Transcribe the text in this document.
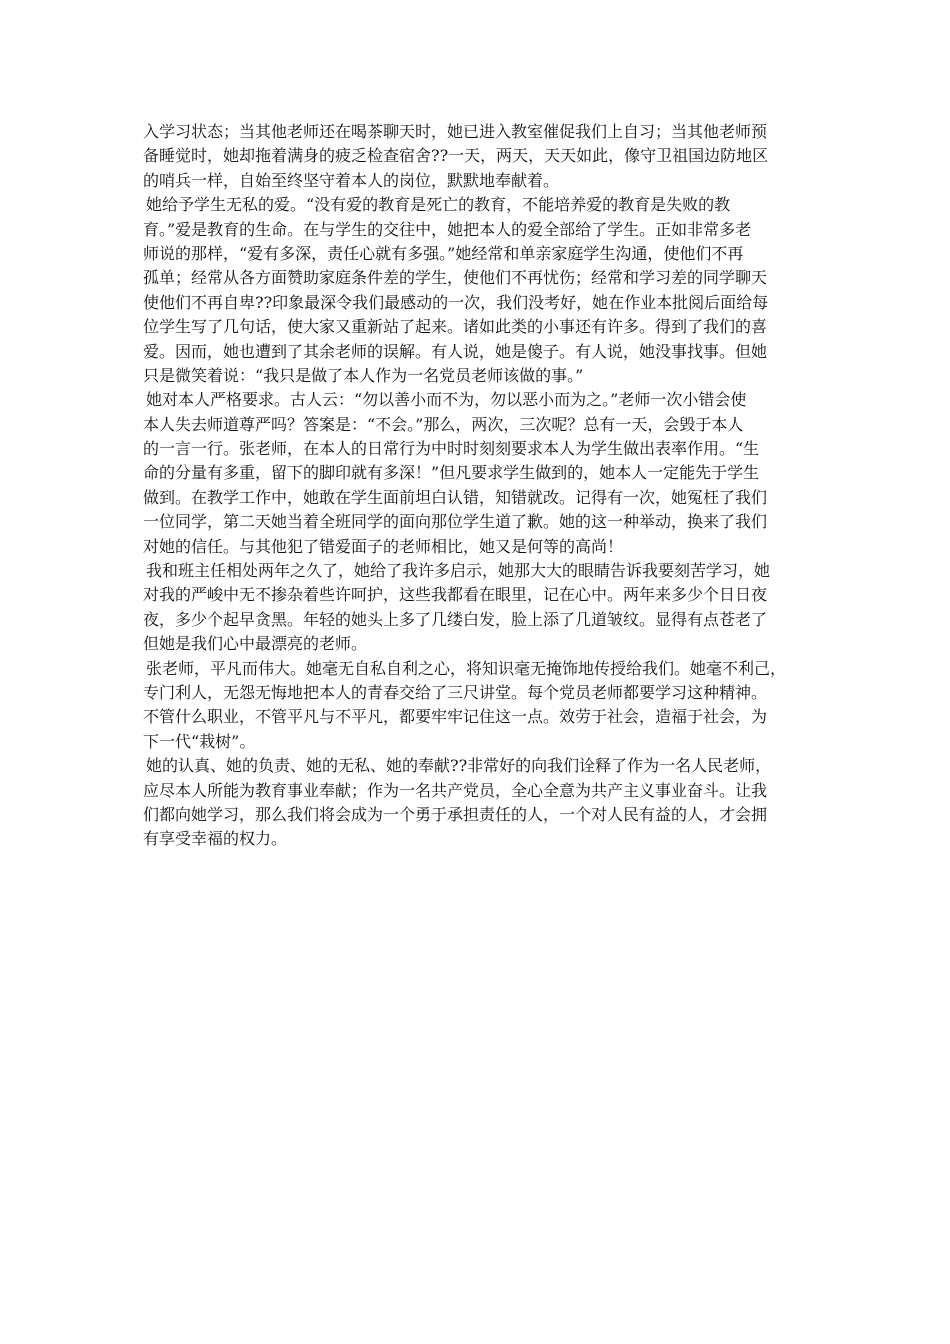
入学习状态；当其他老师还在喝茶聊天时，她已进入教室催促我们上自习；当其他老师预
备睡觉时，她却拖着满身的疲乏检查宿舍??一天，两天，天天如此，像守卫祖国边防地区
的哨兵一样，自始至终坚守着本人的岗位，默默地奉献着。
她给予学生无私的爱。“没有爱的教育是死亡的教育，不能培养爱的教育是失败的教
育。”爱是教育的生命。在与学生的交往中，她把本人的爱全部给了学生。正如非常多老
师说的那样，“爱有多深，责任心就有多强。”她经常和单亲家庭学生沟通，使他们不再
孤单；经常从各方面赞助家庭条件差的学生，使他们不再忧伤；经常和学习差的同学聊天
使他们不再自卑??印象最深令我们最感动的一次，我们没考好，她在作业本批阅后面给每
位学生写了几句话，使大家又重新站了起来。诸如此类的小事还有许多。得到了我们的喜
爱。因而，她也遭到了其余老师的误解。有人说，她是傻子。有人说，她没事找事。但她
只是微笑着说：“我只是做了本人作为一名党员老师该做的事。”
她对本人严格要求。古人云：“勿以善小而不为，勿以恶小而为之。”老师一次小错会使
本人失去师道尊严吗？答案是：“不会。”那么，两次，三次呢？总有一天，会毁于本人
的一言一行。张老师，在本人的日常行为中时时刻刻要求本人为学生做出表率作用。“生
命的分量有多重，留下的脚印就有多深！”但凡要求学生做到的，她本人一定能先于学生
做到。在教学工作中，她敢在学生面前坦白认错，知错就改。记得有一次，她冤枉了我们
一位同学，第二天她当着全班同学的面向那位学生道了歉。她的这一种举动，换来了我们
对她的信任。与其他犯了错爱面子的老师相比，她又是何等的高尚！
我和班主任相处两年之久了，她给了我许多启示，她那大大的眼睛告诉我要刻苦学习，她
对我的严峻中无不掺杂着些许呵护，这些我都看在眼里，记在心中。两年来多少个日日夜
夜，多少个起早贪黑。年轻的她头上多了几缕白发，脸上添了几道皱纹。显得有点苍老了
但她是我们心中最漂亮的老师。
张老师，平凡而伟大。她毫无自私自利之心，将知识毫无掩饰地传授给我们。她毫不利己，
专门利人，无怨无悔地把本人的青春交给了三尺讲堂。每个党员老师都要学习这种精神。
不管什么职业，不管平凡与不平凡，都要牢牢记住这一点。效劳于社会，造福于社会，为
下一代“栽树”。
她的认真、她的负责、她的无私、她的奉献??非常好的向我们诠释了作为一名人民老师，
应尽本人所能为教育事业奉献；作为一名共产党员，全心全意为共产主义事业奋斗。让我
们都向她学习，那么我们将会成为一个勇于承担责任的人，一个对人民有益的人，才会拥
有享受幸福的权力。
